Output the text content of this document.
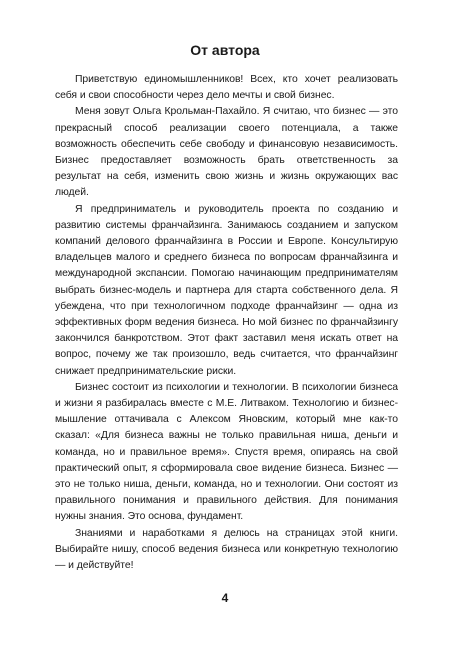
От автора

Приветствую единомышленников! Всех, кто хочет реализовать себя и свои способности через дело мечты и свой бизнес.

Меня зовут Ольга Крольман-Пахайло. Я считаю, что бизнес — это прекрасный способ реализации своего потенциала, а также возможность обеспечить себе свободу и финансовую независимость. Бизнес предоставляет возможность брать ответственность за результат на себя, изменить свою жизнь и жизнь окружающих вас людей.

Я предприниматель и руководитель проекта по созданию и развитию системы франчайзинга. Занимаюсь созданием и запуском компаний делового франчайзинга в России и Европе. Консультирую владельцев малого и среднего бизнеса по вопросам франчайзинга и международной экспансии. Помогаю начинающим предпринимателям выбрать бизнес-модель и партнера для старта собственного дела. Я убеждена, что при технологичном подходе франчайзинг — одна из эффективных форм ведения бизнеса. Но мой бизнес по франчайзингу закончился банкротством. Этот факт заставил меня искать ответ на вопрос, почему же так произошло, ведь считается, что франчайзинг снижает предпринимательские риски.

Бизнес состоит из психологии и технологии. В психологии бизнеса и жизни я разбиралась вместе с М.Е. Литваком. Технологию и бизнес-мышление оттачивала с Алексом Яновским, который мне как-то сказал: «Для бизнеса важны не только правильная ниша, деньги и команда, но и правильное время». Спустя время, опираясь на свой практический опыт, я сформировала свое видение бизнеса. Бизнес — это не только ниша, деньги, команда, но и технологии. Они состоят из правильного понимания и правильного действия. Для понимания нужны знания. Это основа, фундамент.

Знаниями и наработками я делюсь на страницах этой книги. Выбирайте нишу, способ ведения бизнеса или конкретную технологию — и действуйте!

4
